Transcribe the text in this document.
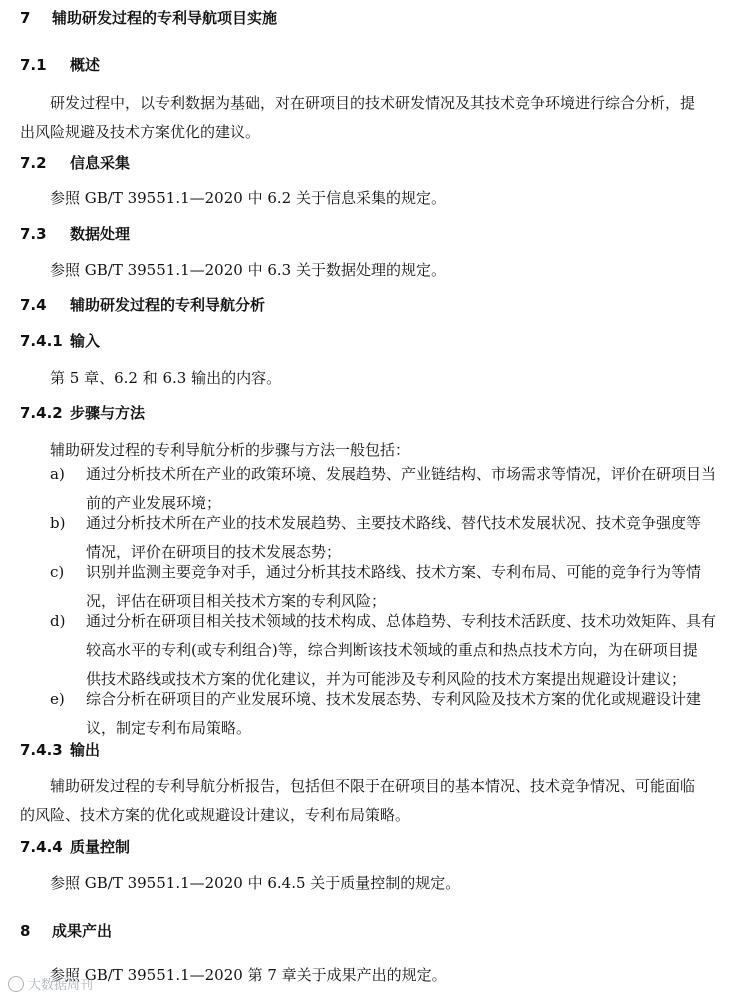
7 辅助研发过程的专利导航项目实施
7.1 概述
研发过程中，以专利数据为基础，对在研项目的技术研发情况及其技术竞争环境进行综合分析，提
出风险规避及技术方案优化的建议。
7.2 信息采集
参照 GB/T 39551.1—2020 中 6.2 关于信息采集的规定。
7.3 数据处理
参照 GB/T 39551.1—2020 中 6.3 关于数据处理的规定。
7.4 辅助研发过程的专利导航分析
7.4.1 输入
第 5 章、6.2 和 6.3 输出的内容。
7.4.2 步骤与方法
辅助研发过程的专利导航分析的步骤与方法一般包括：
a) 通过分析技术所在产业的政策环境、发展趋势、产业链结构、市场需求等情况，评价在研项目当
前的产业发展环境；
b) 通过分析技术所在产业的技术发展趋势、主要技术路线、替代技术发展状况、技术竞争强度等
情况，评价在研项目的技术发展态势；
c) 识别并监测主要竞争对手，通过分析其技术路线、技术方案、专利布局、可能的竞争行为等情
况，评估在研项目相关技术方案的专利风险；
d) 通过分析在研项目相关技术领域的技术构成、总体趋势、专利技术活跃度、技术功效矩阵、具有
较高水平的专利(或专利组合)等，综合判断该技术领域的重点和热点技术方向，为在研项目提
供技术路线或技术方案的优化建议，并为可能涉及专利风险的技术方案提出规避设计建议；
e) 综合分析在研项目的产业发展环境、技术发展态势、专利风险及技术方案的优化或规避设计建
议，制定专利布局策略。
7.4.3 输出
辅助研发过程的专利导航分析报告，包括但不限于在研项目的基本情况、技术竞争情况、可能面临
的风险、技术方案的优化或规避设计建议，专利布局策略。
7.4.4 质量控制
参照 GB/T 39551.1—2020 中 6.4.5 关于质量控制的规定。
8 成果产出
参照 GB/T 39551.1—2020 第 7 章关于成果产出的规定。
大数据周刊
